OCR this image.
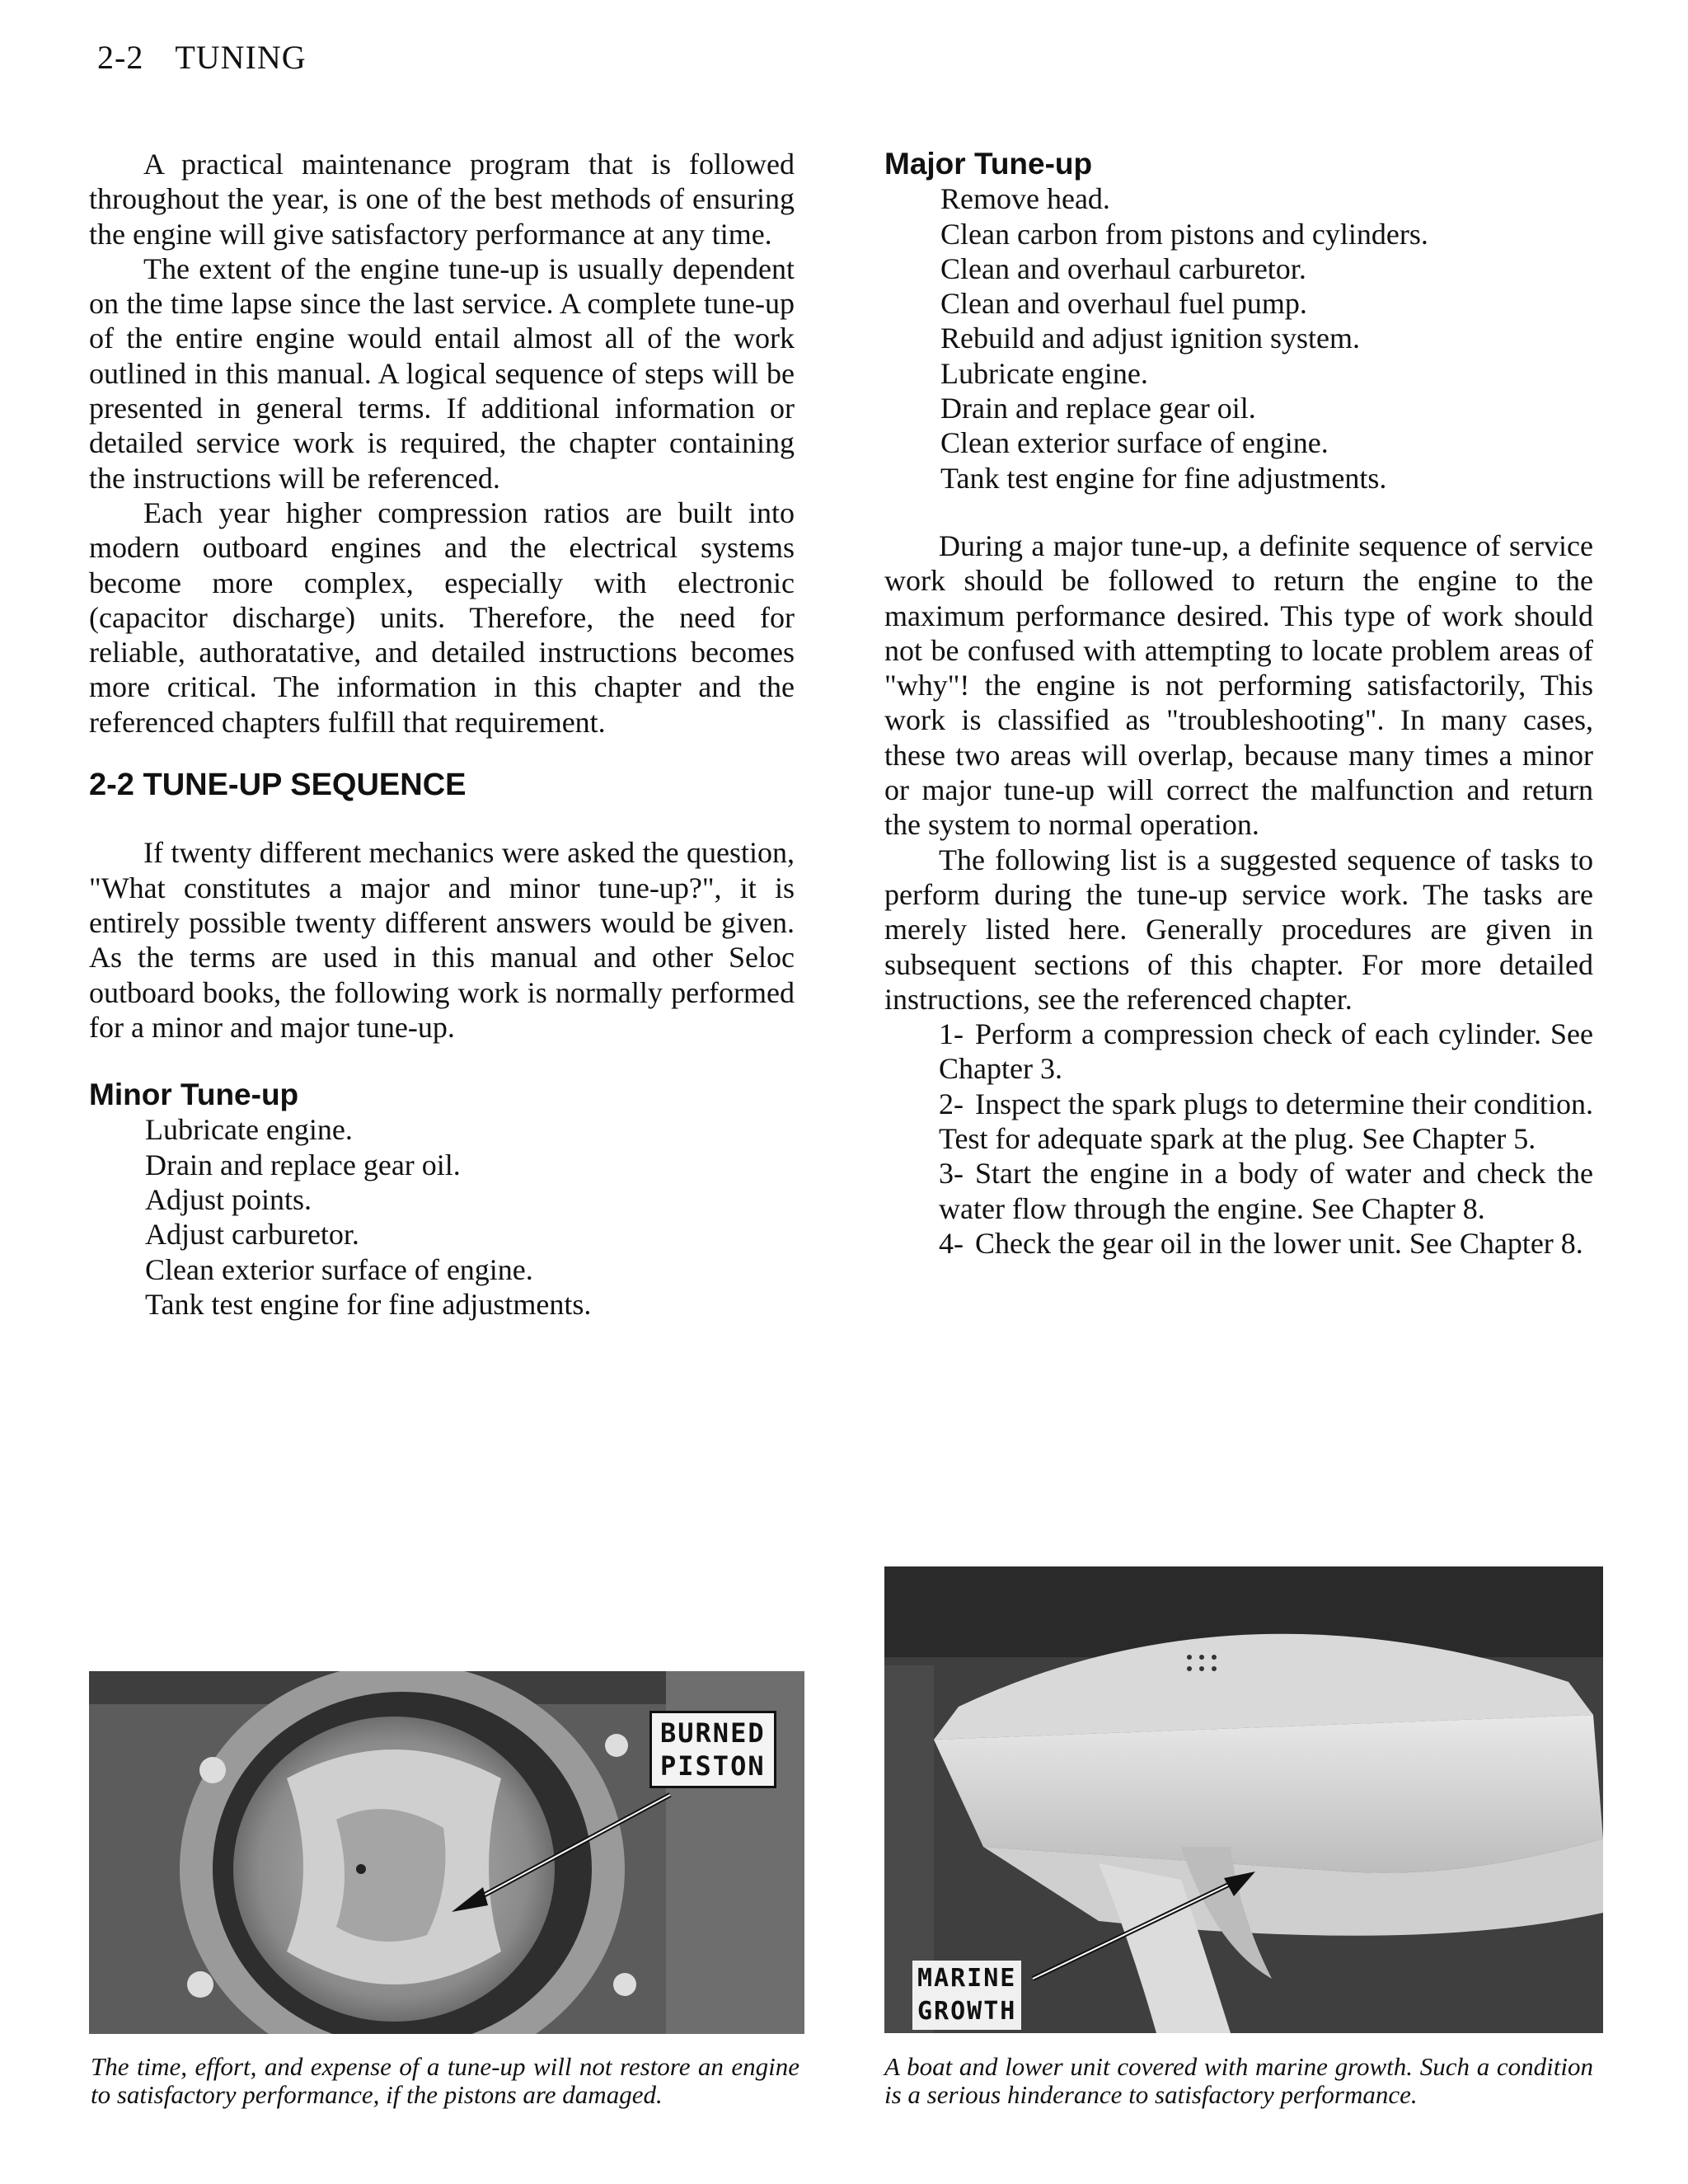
2-2 TUNING

A practical maintenance program that is followed throughout the year, is one of the best methods of ensuring the engine will give satisfactory performance at any time.

The extent of the engine tune-up is usually dependent on the time lapse since the last service. A complete tune-up of the entire engine would entail almost all of the work outlined in this manual. A logical sequence of steps will be presented in general terms. If additional information or detailed service work is required, the chapter containing the instructions will be referenced.

Each year higher compression ratios are built into modern outboard engines and the electrical systems become more complex, especially with electronic (capacitor discharge) units. Therefore, the need for reliable, authoratative, and detailed instructions becomes more critical. The information in this chapter and the referenced chapters fulfill that requirement.

2-2 TUNE-UP SEQUENCE

If twenty different mechanics were asked the question, "What constitutes a major and minor tune-up?", it is entirely possible twenty different answers would be given. As the terms are used in this manual and other Seloc outboard books, the following work is normally performed for a minor and major tune-up.

Minor Tune-up
Lubricate engine.
Drain and replace gear oil.
Adjust points.
Adjust carburetor.
Clean exterior surface of engine.
Tank test engine for fine adjustments.
Major Tune-up
Remove head.
Clean carbon from pistons and cylinders.
Clean and overhaul carburetor.
Clean and overhaul fuel pump.
Rebuild and adjust ignition system.
Lubricate engine.
Drain and replace gear oil.
Clean exterior surface of engine.
Tank test engine for fine adjustments.

During a major tune-up, a definite sequence of service work should be followed to return the engine to the maximum performance desired. This type of work should not be confused with attempting to locate problem areas of "why"! the engine is not performing satisfactorily, This work is classified as "troubleshooting". In many cases, these two areas will overlap, because many times a minor or major tune-up will correct the malfunction and return the system to normal operation.

The following list is a suggested sequence of tasks to perform during the tune-up service work. The tasks are merely listed here. Generally procedures are given in subsequent sections of this chapter. For more detailed instructions, see the referenced chapter.

1- Perform a compression check of each cylinder. See Chapter 3.
2- Inspect the spark plugs to determine their condition. Test for adequate spark at the plug. See Chapter 5.
3- Start the engine in a body of water and check the water flow through the engine. See Chapter 8.
4- Check the gear oil in the lower unit. See Chapter 8.
BURNED
PISTON
MARINE
GROWTH
The time, effort, and expense of a tune-up will not restore an engine to satisfactory performance, if the pistons are damaged.
A boat and lower unit covered with marine growth. Such a condition is a serious hinderance to satisfactory performance.
